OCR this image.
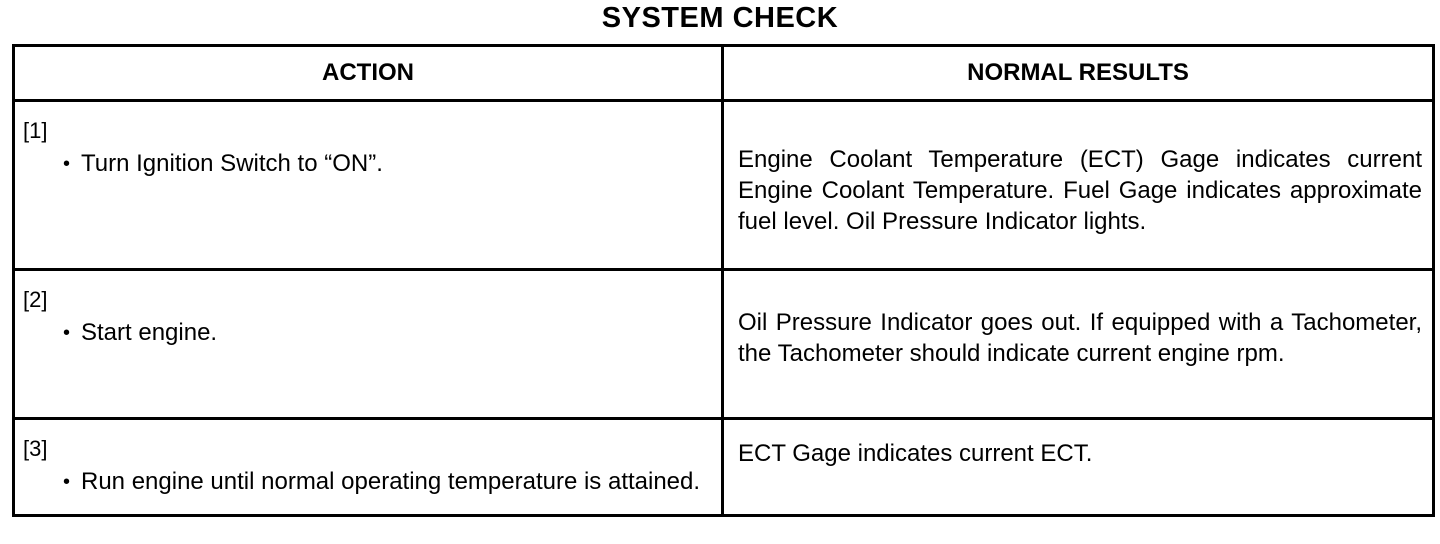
SYSTEM CHECK
ACTION	NORMAL RESULTS

[1]
• Turn Ignition Switch to “ON”.	Engine Coolant Temperature (ECT) Gage indicates current Engine Coolant Temperature. Fuel Gage indicates approximate fuel level. Oil Pressure Indicator lights.

[2]
• Start engine.	Oil Pressure Indicator goes out. If equipped with a Tachometer, the Tachometer should indicate current engine rpm.

[3]
• Run engine until normal operating temperature is attained.	ECT Gage indicates current ECT.
